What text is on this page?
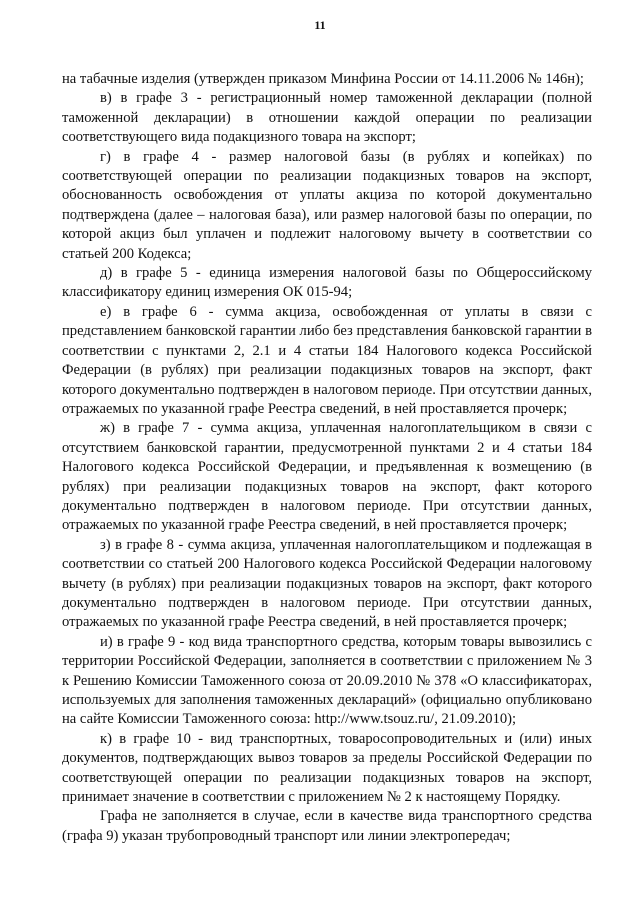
11

на табачные изделия (утвержден приказом Минфина России от 14.11.2006 № 146н);

в) в графе 3 - регистрационный номер таможенной декларации (полной таможенной декларации) в отношении каждой операции по реализации соответствующего вида подакцизного товара на экспорт;

г) в графе 4 - размер налоговой базы (в рублях и копейках) по соответствующей операции по реализации подакцизных товаров на экспорт, обоснованность освобождения от уплаты акциза по которой документально подтверждена (далее – налоговая база), или размер налоговой базы по операции, по которой акциз был уплачен и подлежит налоговому вычету в соответствии со статьей 200 Кодекса;

д) в графе 5 - единица измерения налоговой базы по Общероссийскому классификатору единиц измерения ОК 015-94;

е) в графе 6 - сумма акциза, освобожденная от уплаты в связи с представлением банковской гарантии либо без представления банковской гарантии в соответствии с пунктами 2, 2.1 и 4 статьи 184 Налогового кодекса Российской Федерации (в рублях) при реализации подакцизных товаров на экспорт, факт которого документально подтвержден в налоговом периоде. При отсутствии данных, отражаемых по указанной графе Реестра сведений, в ней проставляется прочерк;

ж) в графе 7 - сумма акциза, уплаченная налогоплательщиком в связи с отсутствием банковской гарантии, предусмотренной пунктами 2 и 4 статьи 184 Налогового кодекса Российской Федерации, и предъявленная к возмещению (в рублях) при реализации подакцизных товаров на экспорт, факт которого документально подтвержден в налоговом периоде. При отсутствии данных, отражаемых по указанной графе Реестра сведений, в ней проставляется прочерк;

з) в графе 8 - сумма акциза, уплаченная налогоплательщиком и подлежащая в соответствии со статьей 200 Налогового кодекса Российской Федерации налоговому вычету (в рублях) при реализации подакцизных товаров на экспорт, факт которого документально подтвержден в налоговом периоде. При отсутствии данных, отражаемых по указанной графе Реестра сведений, в ней проставляется прочерк;

и) в графе 9 - код вида транспортного средства, которым товары вывозились с территории Российской Федерации, заполняется в соответствии с приложением № 3 к Решению Комиссии Таможенного союза от 20.09.2010 № 378 «О классификаторах, используемых для заполнения таможенных деклараций» (официально опубликовано на сайте Комиссии Таможенного союза: http://www.tsouz.ru/, 21.09.2010);

к) в графе 10 - вид транспортных, товаросопроводительных и (или) иных документов, подтверждающих вывоз товаров за пределы Российской Федерации по соответствующей операции по реализации подакцизных товаров на экспорт, принимает значение в соответствии с приложением № 2 к настоящему Порядку.

Графа не заполняется в случае, если в качестве вида транспортного средства (графа 9) указан трубопроводный транспорт или линии электропередач;
